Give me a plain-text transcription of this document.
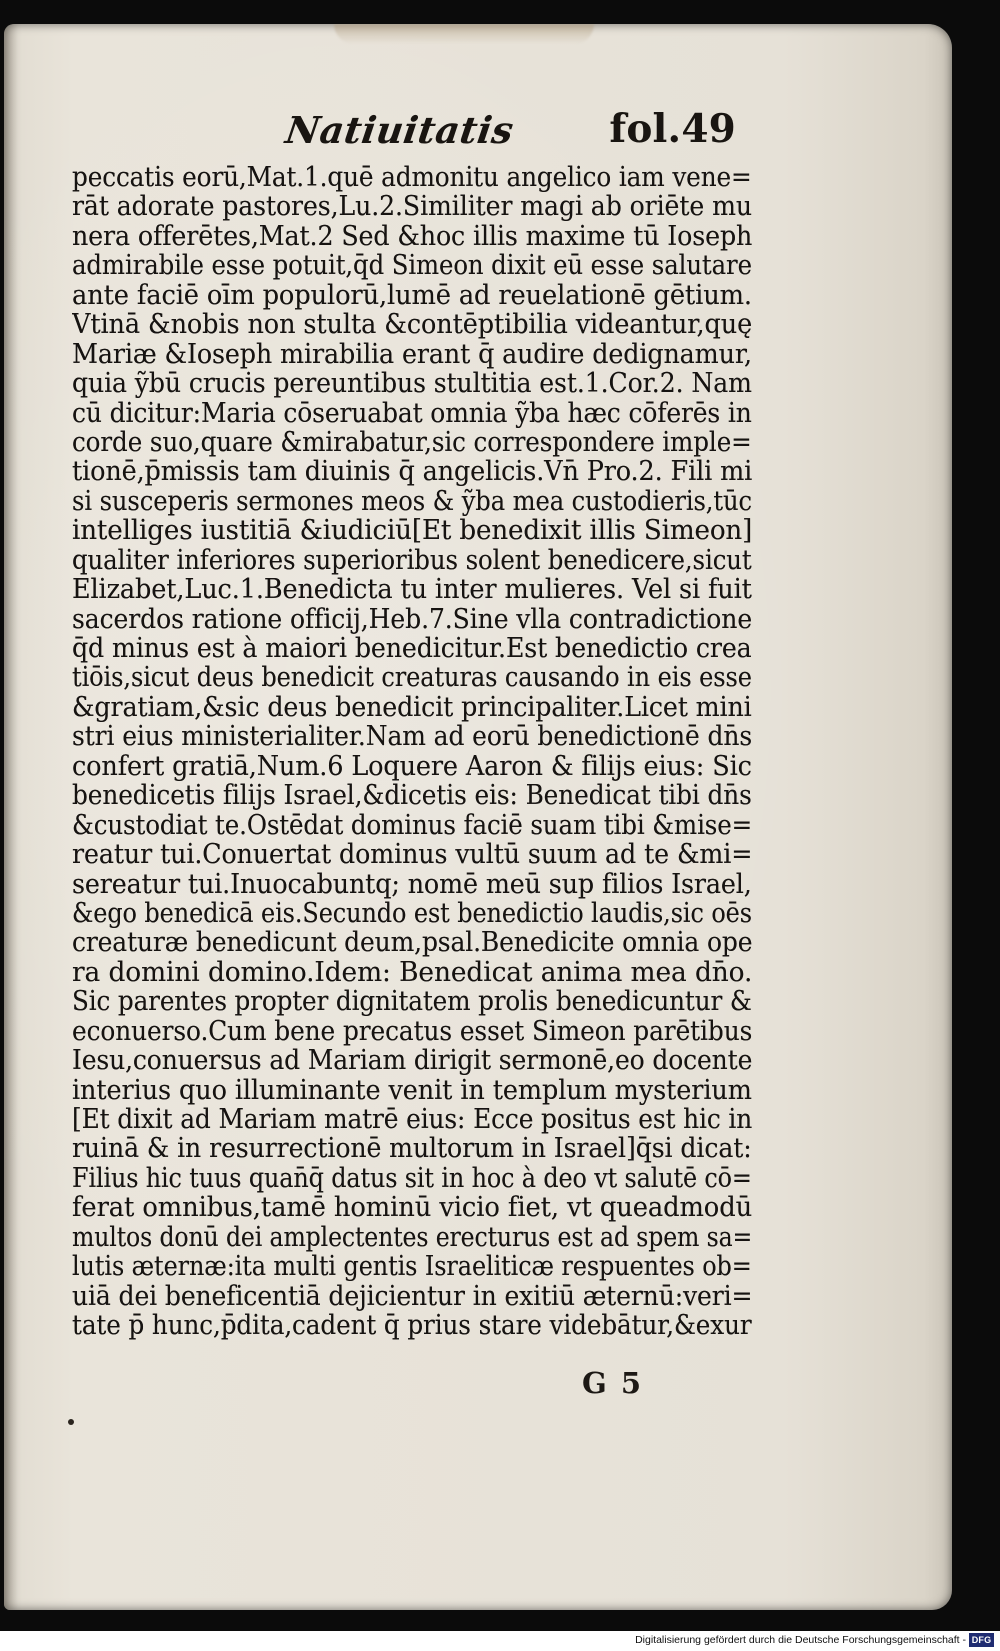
Natiuitatis fol.49
peccatis eorū,Mat.1.quē admonitu angelico iam vene=
rāt adorate pastores,Lu.2.Similiter magi ab oriēte mu
nera offerētes,Mat.2 Sed &hoc illis maxime tū Ioseph
admirabile esse potuit,q̄d Simeon dixit eū esse salutare
ante faciē oīm populorū,lumē ad reuelationē gētium.
Vtinā &nobis non stulta &contēptibilia videantur,quę
Mariæ &Ioseph mirabilia erant q̄ audire dedignamur,
quia ỹbū crucis pereuntibus stultitia est.1.Cor.2. Nam
cū dicitur:Maria cōseruabat omnia ỹba hæc cōferēs in
corde suo,quare &mirabatur,sic correspondere imple=
tionē,p̄missis tam diuinis q̄ angelicis.Vn̄ Pro.2. Fili mi
si susceperis sermones meos & ỹba mea custodieris,tūc
intelliges iustitiā &iudiciū[Et benedixit illis Simeon]
qualiter inferiores superioribus solent benedicere,sicut
Elizabet,Luc.1.Benedicta tu inter mulieres. Vel si fuit
sacerdos ratione officij,Heb.7.Sine vlla contradictione
q̄d minus est à maiori benedicitur.Est benedictio crea
tiōis,sicut deus benedicit creaturas causando in eis esse
&gratiam,&sic deus benedicit principaliter.Licet mini
stri eius ministerialiter.Nam ad eorū benedictionē dn̄s
confert gratiā,Num.6 Loquere Aaron & filijs eius: Sic
benedicetis filijs Israel,&dicetis eis: Benedicat tibi dn̄s
&custodiat te.Ostēdat dominus faciē suam tibi &mise=
reatur tui.Conuertat dominus vultū suum ad te &mi=
sereatur tui.Inuocabuntq; nomē meū sup filios Israel,
&ego benedicā eis.Secundo est benedictio laudis,sic oēs
creaturæ benedicunt deum,psal.Benedicite omnia ope
ra domini domino.Idem: Benedicat anima mea dn̄o.
Sic parentes propter dignitatem prolis benedicuntur &
econuerso.Cum bene precatus esset Simeon parētibus
Iesu,conuersus ad Mariam dirigit sermonē,eo docente
interius quo illuminante venit in templum mysterium
[Et dixit ad Mariam matrē eius: Ecce positus est hic in
ruinā & in resurrectionē multorum in Israel]q̄si dicat:
Filius hic tuus quan̄q̄ datus sit in hoc à deo vt salutē cō=
ferat omnibus,tamē hominū vicio fiet, vt queadmodū
multos donū dei amplectentes erecturus est ad spem sa=
lutis æternæ:ita multi gentis Israeliticæ respuentes ob=
uiā dei beneficentiā dejicientur in exitiū æternū:veri=
tate p̄ hunc,p̄dita,cadent q̄ prius stare videbātur,&exur
G 5
Digitalisierung gefördert durch die Deutsche Forschungsgemeinschaft - DFG
